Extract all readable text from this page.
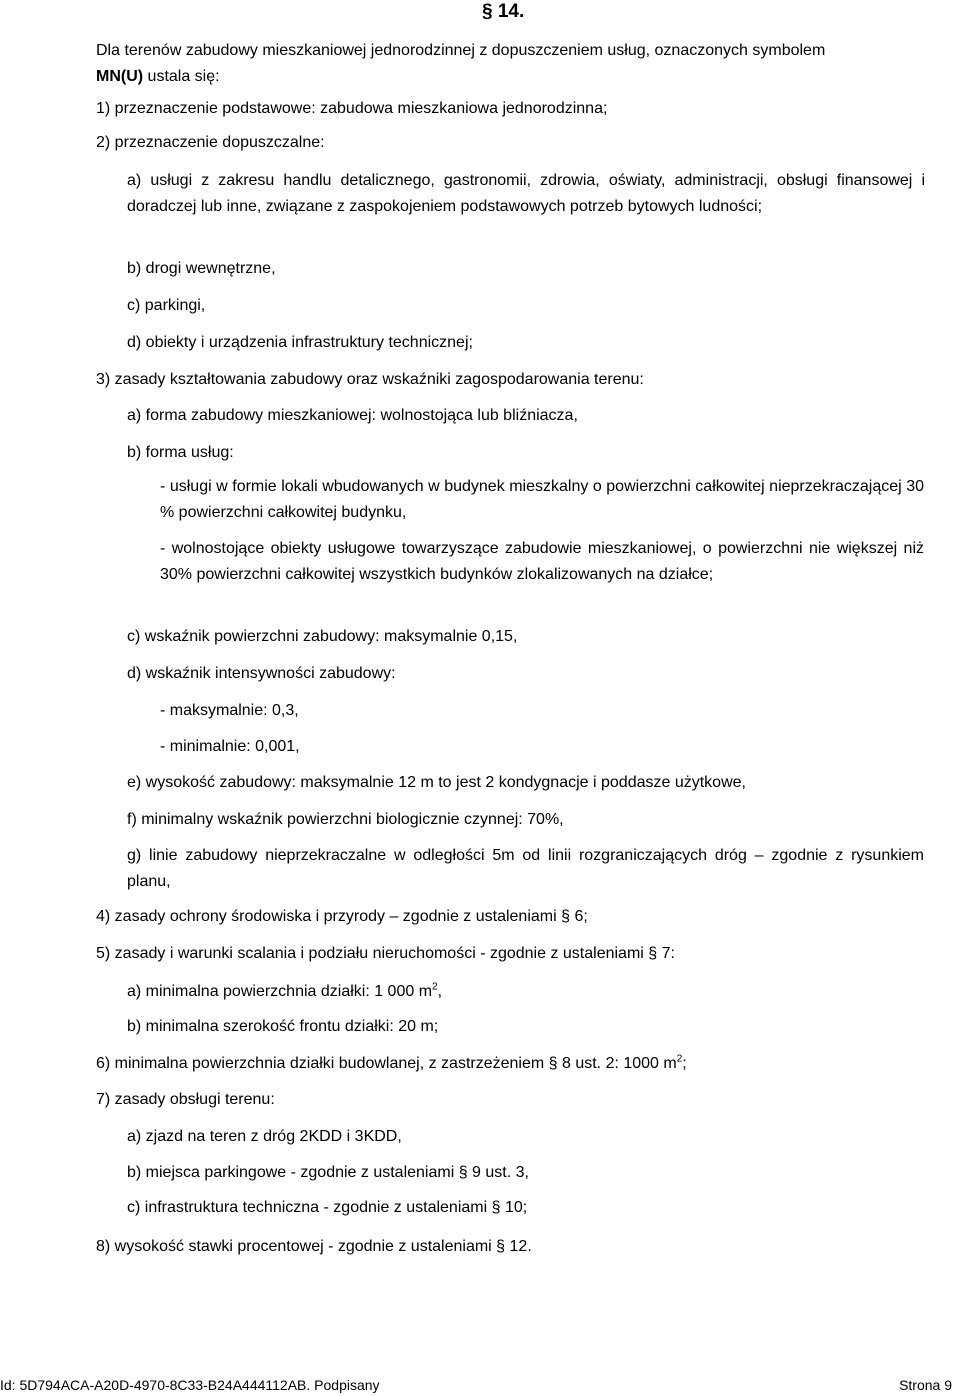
§ 14.
Dla terenów zabudowy mieszkaniowej jednorodzinnej z dopuszczeniem usług, oznaczonych symbolem
MN(U) ustala się:
1) przeznaczenie podstawowe: zabudowa mieszkaniowa jednorodzinna;
2) przeznaczenie dopuszczalne:
a) usługi z zakresu handlu detalicznego, gastronomii, zdrowia, oświaty, administracji, obsługi finansowej i doradczej lub inne, związane z zaspokojeniem podstawowych potrzeb bytowych ludności;
b) drogi wewnętrzne,
c) parkingi,
d) obiekty i urządzenia infrastruktury technicznej;
3) zasady kształtowania zabudowy oraz wskaźniki zagospodarowania terenu:
a) forma zabudowy mieszkaniowej: wolnostojąca lub bliźniacza,
b) forma usług:
- usługi w formie lokali wbudowanych w budynek mieszkalny o powierzchni całkowitej nieprzekraczającej 30 % powierzchni całkowitej budynku,
- wolnostojące obiekty usługowe towarzyszące zabudowie mieszkaniowej, o powierzchni nie większej niż 30% powierzchni całkowitej wszystkich budynków zlokalizowanych na działce;
c) wskaźnik powierzchni zabudowy: maksymalnie 0,15,
d) wskaźnik intensywności zabudowy:
- maksymalnie: 0,3,
- minimalnie: 0,001,
e) wysokość zabudowy: maksymalnie 12 m to jest 2 kondygnacje i poddasze użytkowe,
f) minimalny wskaźnik powierzchni biologicznie czynnej: 70%,
g) linie zabudowy nieprzekraczalne w odległości 5m od linii rozgraniczających dróg – zgodnie z rysunkiem planu,
4) zasady ochrony środowiska i przyrody – zgodnie z ustaleniami § 6;
5) zasady i warunki scalania i podziału nieruchomości - zgodnie z ustaleniami § 7:
a) minimalna powierzchnia działki: 1 000 $m^2$,
b) minimalna szerokość frontu działki: 20 m;
6) minimalna powierzchnia działki budowlanej, z zastrzeżeniem § 8 ust. 2: 1000 $m^2$;
7) zasady obsługi terenu:
a) zjazd na teren z dróg 2KDD i 3KDD,
b) miejsca parkingowe - zgodnie z ustaleniami § 9 ust. 3,
c) infrastruktura techniczna - zgodnie z ustaleniami § 10;
8) wysokość stawki procentowej - zgodnie z ustaleniami § 12.
Id: 5D794ACA-A20D-4970-8C33-B24A444112AB. Podpisany	Strona 9
